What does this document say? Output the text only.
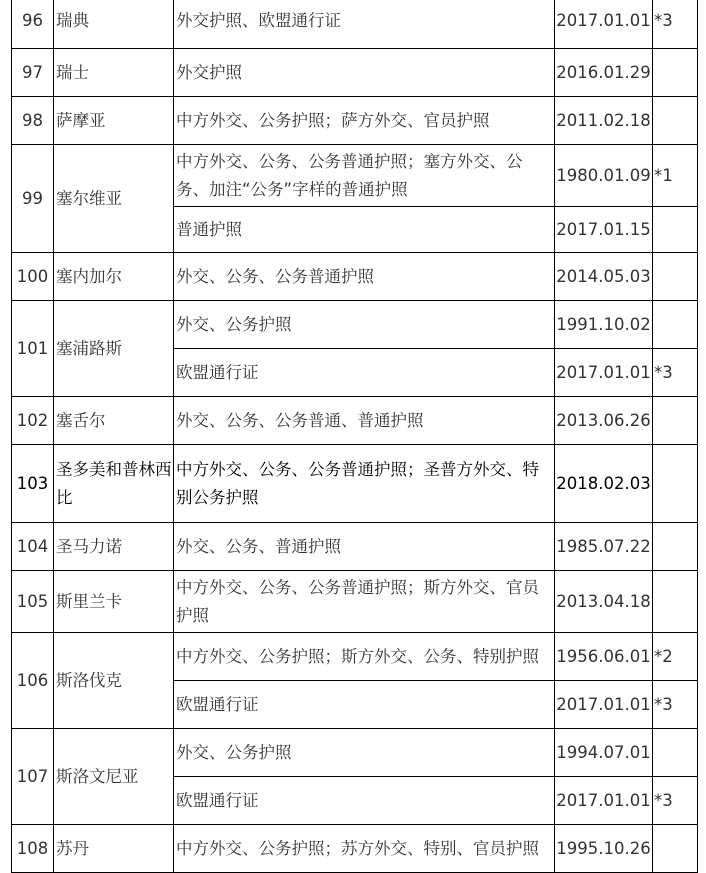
96	瑞典	外交护照、欧盟通行证	2017.01.01	*3
97	瑞士	外交护照	2016.01.29	
98	萨摩亚	中方外交、公务护照；萨方外交、官员护照	2011.02.18	
99	塞尔维亚	中方外交、公务、公务普通护照；塞方外交、公务、加注“公务”字样的普通护照	1980.01.09	*1
		普通护照	2017.01.15	
100	塞内加尔	外交、公务、公务普通护照	2014.05.03	
101	塞浦路斯	外交、公务护照	1991.10.02	
		欧盟通行证	2017.01.01	*3
102	塞舌尔	外交、公务、公务普通、普通护照	2013.06.26	
103	圣多美和普林西比	中方外交、公务、公务普通护照；圣普方外交、特别公务护照	2018.02.03	
104	圣马力诺	外交、公务、普通护照	1985.07.22	
105	斯里兰卡	中方外交、公务、公务普通护照；斯方外交、官员护照	2013.04.18	
106	斯洛伐克	中方外交、公务护照；斯方外交、公务、特别护照	1956.06.01	*2
		欧盟通行证	2017.01.01	*3
107	斯洛文尼亚	外交、公务护照	1994.07.01	
		欧盟通行证	2017.01.01	*3
108	苏丹	中方外交、公务护照；苏方外交、特别、官员护照	1995.10.26	
